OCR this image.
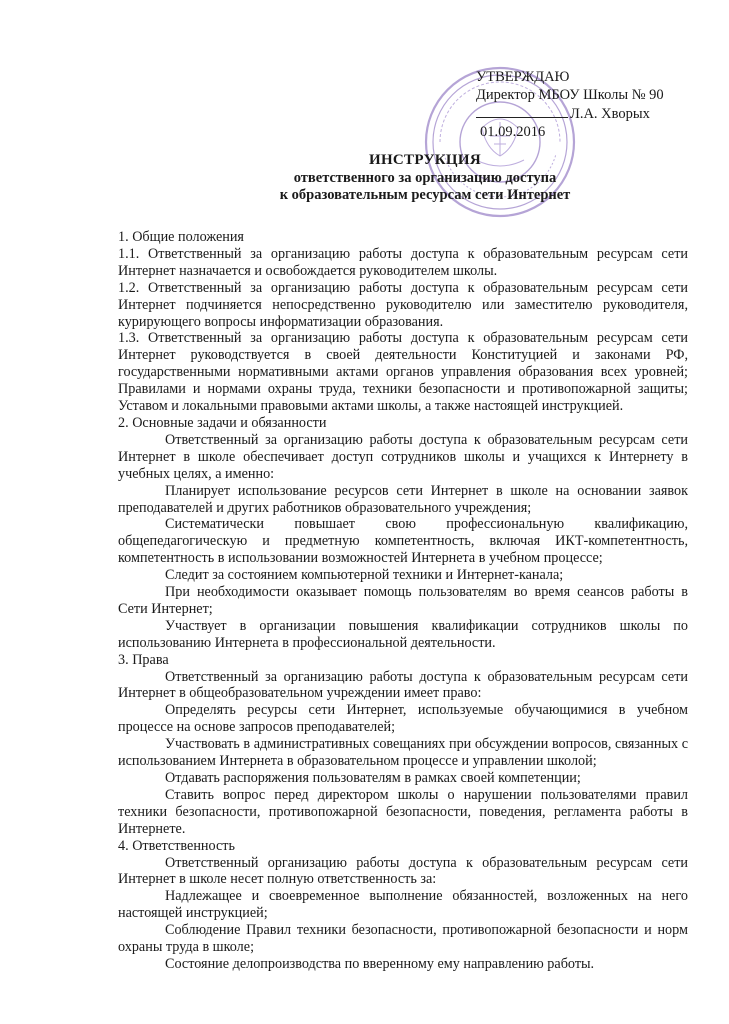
УТВЕРЖДАЮ
Директор МБОУ Школы № 90
Л.А. Хворых
01.09.2016
ИНСТРУКЦИЯ
ответственного за организацию доступа
к образовательным ресурсам сети Интернет

1. Общие положения

1.1. Ответственный за организацию работы доступа к образовательным ресурсам сети Интернет назначается и освобождается руководителем школы.

1.2. Ответственный за организацию работы доступа к образовательным ресурсам сети Интернет подчиняется непосредственно руководителю или заместителю руководителя, курирующего вопросы информатизации образования.

1.3. Ответственный за организацию работы доступа к образовательным ресурсам сети Интернет руководствуется в своей деятельности Конституцией и законами РФ, государственными нормативными актами органов управления образования всех уровней; Правилами и нормами охраны труда, техники безопасности и противопожарной защиты; Уставом и локальными правовыми актами школы, а также настоящей инструкцией.

2. Основные задачи и обязанности

Ответственный за организацию работы доступа к образовательным ресурсам сети Интернет в школе обеспечивает доступ сотрудников школы и учащихся к Интернету в учебных целях, а именно:

Планирует использование ресурсов сети Интернет в школе на основании заявок преподавателей и других работников образовательного учреждения;

Систематически повышает свою профессиональную квалификацию, общепедагогическую и предметную компетентность, включая ИКТ-компетентность, компетентность в использовании возможностей Интернета в учебном процессе;

Следит за состоянием компьютерной техники и Интернет-канала;

При необходимости оказывает помощь пользователям во время сеансов работы в Сети Интернет;

Участвует в организации повышения квалификации сотрудников школы по использованию Интернета в профессиональной деятельности.

3. Права

Ответственный за организацию работы доступа к образовательным ресурсам сети Интернет в общеобразовательном учреждении имеет право:

Определять ресурсы сети Интернет, используемые обучающимися в учебном процессе на основе запросов преподавателей;

Участвовать в административных совещаниях при обсуждении вопросов, связанных с использованием Интернета в образовательном процессе и управлении школой;

Отдавать распоряжения пользователям в рамках своей компетенции;

Ставить вопрос перед директором школы о нарушении пользователями правил техники безопасности, противопожарной безопасности, поведения, регламента работы в Интернете.

4. Ответственность

Ответственный организацию работы доступа к образовательным ресурсам сети Интернет в школе несет полную ответственность за:

Надлежащее и своевременное выполнение обязанностей, возложенных на него настоящей инструкцией;

Соблюдение Правил техники безопасности, противопожарной безопасности и норм охраны труда в школе;

Состояние делопроизводства по вверенному ему направлению работы.
